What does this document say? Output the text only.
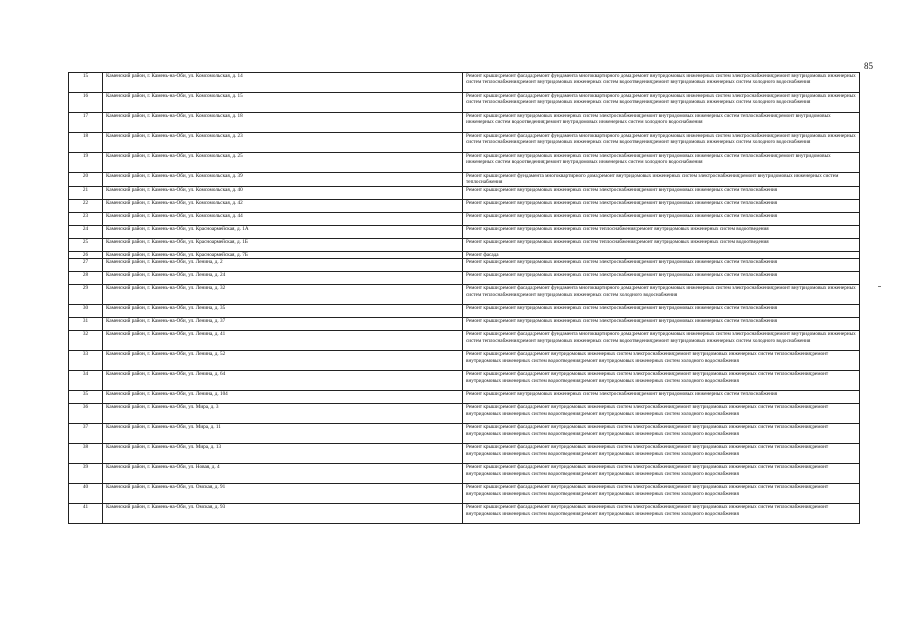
85
15	Каменский район, г. Камень-на-Оби, ул. Комсомольская, д. 14	Ремонт крыши;ремонт фасада;ремонт фундамента многоквартирного дома;ремонт внутридомовых инженерных систем электроснабжения;ремонт внутридомовых инженерных систем теплоснабжения;ремонт внутридомовых инженерных систем водоотведения;ремонт внутридомовых инженерных систем холодного водоснабжения
16	Каменский район, г. Камень-на-Оби, ул. Комсомольская, д. 15	Ремонт крыши;ремонт фасада;ремонт фундамента многоквартирного дома;ремонт внутридомовых инженерных систем электроснабжения;ремонт внутридомовых инженерных систем теплоснабжения;ремонт внутридомовых инженерных систем водоотведения;ремонт внутридомовых инженерных систем холодного водоснабжения
17	Каменский район, г. Камень-на-Оби, ул. Комсомольская, д. 18	Ремонт крыши;ремонт внутридомовых инженерных систем электроснабжения;ремонт внутридомовых инженерных систем теплоснабжения;ремонт внутридомовых инженерных систем водоотведения;ремонт внутридомовых инженерных систем холодного водоснабжения
18	Каменский район, г. Камень-на-Оби, ул. Комсомольская, д. 23	Ремонт крыши;ремонт фасада;ремонт фундамента многоквартирного дома;ремонт внутридомовых инженерных систем электроснабжения;ремонт внутридомовых инженерных систем теплоснабжения;ремонт внутридомовых инженерных систем водоотведения;ремонт внутридомовых инженерных систем холодного водоснабжения
19	Каменский район, г. Камень-на-Оби, ул. Комсомольская, д. 25	Ремонт крыши;ремонт внутридомовых инженерных систем электроснабжения;ремонт внутридомовых инженерных систем теплоснабжения;ремонт внутридомовых инженерных систем водоотведения;ремонт внутридомовых инженерных систем холодного водоснабжения
20	Каменский район, г. Камень-на-Оби, ул. Комсомольская, д. 39	Ремонт крыши;ремонт фундамента многоквартирного дома;ремонт внутридомовых инженерных систем электроснабжения;ремонт внутридомовых инженерных систем теплоснабжения
21	Каменский район, г. Камень-на-Оби, ул. Комсомольская, д. 40	Ремонт крыши;ремонт внутридомовых инженерных систем электроснабжения;ремонт внутридомовых инженерных систем теплоснабжения
22	Каменский район, г. Камень-на-Оби, ул. Комсомольская, д. 42	Ремонт крыши;ремонт внутридомовых инженерных систем электроснабжения;ремонт внутридомовых инженерных систем теплоснабжения
23	Каменский район, г. Камень-на-Оби, ул. Комсомольская, д. 44	Ремонт крыши;ремонт внутридомовых инженерных систем электроснабжения;ремонт внутридомовых инженерных систем теплоснабжения
24	Каменский район, г. Камень-на-Оби, ул. Красноармейская, д. 1А	Ремонт крыши;ремонт внутридомовых инженерных систем теплоснабжения;ремонт внутридомовых инженерных систем водоотведения
25	Каменский район, г. Камень-на-Оби, ул. Красноармейская, д. 1Б	Ремонт крыши;ремонт внутридомовых инженерных систем теплоснабжения;ремонт внутридомовых инженерных систем водоотведения
26	Каменский район, г. Камень-на-Оби, ул. Красноармейская, д. 7Б	Ремонт фасада
27	Каменский район, г. Камень-на-Оби, ул. Ленина, д. 2	Ремонт крыши;ремонт внутридомовых инженерных систем электроснабжения;ремонт внутридомовых инженерных систем теплоснабжения
28	Каменский район, г. Камень-на-Оби, ул. Ленина, д. 24	Ремонт крыши;ремонт внутридомовых инженерных систем электроснабжения;ремонт внутридомовых инженерных систем теплоснабжения
29	Каменский район, г. Камень-на-Оби, ул. Ленина, д. 32	Ремонт крыши;ремонт фасада;ремонт фундамента многоквартирного дома;ремонт внутридомовых инженерных систем электроснабжения;ремонт внутридомовых инженерных систем теплоснабжения;ремонт внутридомовых инженерных систем холодного водоснабжения
30	Каменский район, г. Камень-на-Оби, ул. Ленина, д. 35	Ремонт крыши;ремонт внутридомовых инженерных систем электроснабжения;ремонт внутридомовых инженерных систем теплоснабжения
31	Каменский район, г. Камень-на-Оби, ул. Ленина, д. 37	Ремонт крыши;ремонт внутридомовых инженерных систем электроснабжения;ремонт внутридомовых инженерных систем теплоснабжения
32	Каменский район, г. Камень-на-Оби, ул. Ленина, д. 41	Ремонт крыши;ремонт фасада;ремонт фундамента многоквартирного дома;ремонт внутридомовых инженерных систем электроснабжения;ремонт внутридомовых инженерных систем теплоснабжения;ремонт внутридомовых инженерных систем водоотведения;ремонт внутридомовых инженерных систем холодного водоснабжения
33	Каменский район, г. Камень-на-Оби, ул. Ленина, д. 52	Ремонт крыши;ремонт фасада;ремонт внутридомовых инженерных систем электроснабжения;ремонт внутридомовых инженерных систем теплоснабжения;ремонт внутридомовых инженерных систем водоотведения;ремонт внутридомовых инженерных систем холодного водоснабжения
34	Каменский район, г. Камень-на-Оби, ул. Ленина, д. 64	Ремонт крыши;ремонт фасада;ремонт внутридомовых инженерных систем электроснабжения;ремонт внутридомовых инженерных систем теплоснабжения;ремонт внутридомовых инженерных систем водоотведения;ремонт внутридомовых инженерных систем холодного водоснабжения
35	Каменский район, г. Камень-на-Оби, ул. Ленина, д. 104	Ремонт крыши;ремонт внутридомовых инженерных систем электроснабжения;ремонт внутридомовых инженерных систем теплоснабжения
36	Каменский район, г. Камень-на-Оби, ул. Мира, д. 3	Ремонт крыши;ремонт фасада;ремонт внутридомовых инженерных систем электроснабжения;ремонт внутридомовых инженерных систем теплоснабжения;ремонт внутридомовых инженерных систем водоотведения;ремонт внутридомовых инженерных систем холодного водоснабжения
37	Каменский район, г. Камень-на-Оби, ул. Мира, д. 11	Ремонт крыши;ремонт фасада;ремонт внутридомовых инженерных систем электроснабжения;ремонт внутридомовых инженерных систем теплоснабжения;ремонт внутридомовых инженерных систем водоотведения;ремонт внутридомовых инженерных систем холодного водоснабжения
38	Каменский район, г. Камень-на-Оби, ул. Мира, д. 13	Ремонт крыши;ремонт фасада;ремонт внутридомовых инженерных систем электроснабжения;ремонт внутридомовых инженерных систем теплоснабжения;ремонт внутридомовых инженерных систем водоотведения;ремонт внутридомовых инженерных систем холодного водоснабжения
39	Каменский район, г. Камень-на-Оби, ул. Новая, д. 4	Ремонт крыши;ремонт фасада;ремонт внутридомовых инженерных систем электроснабжения;ремонт внутридомовых инженерных систем теплоснабжения;ремонт внутридомовых инженерных систем водоотведения;ремонт внутридомовых инженерных систем холодного водоснабжения
40	Каменский район, г. Камень-на-Оби, ул. Омская, д. 91	Ремонт крыши;ремонт фасада;ремонт внутридомовых инженерных систем электроснабжения;ремонт внутридомовых инженерных систем теплоснабжения;ремонт внутридомовых инженерных систем водоотведения;ремонт внутридомовых инженерных систем холодного водоснабжения
41	Каменский район, г. Камень-на-Оби, ул. Омская, д. 93	Ремонт крыши;ремонт фасада;ремонт внутридомовых инженерных систем электроснабжения;ремонт внутридомовых инженерных систем теплоснабжения;ремонт внутридомовых инженерных систем водоотведения;ремонт внутридомовых инженерных систем холодного водоснабжения
